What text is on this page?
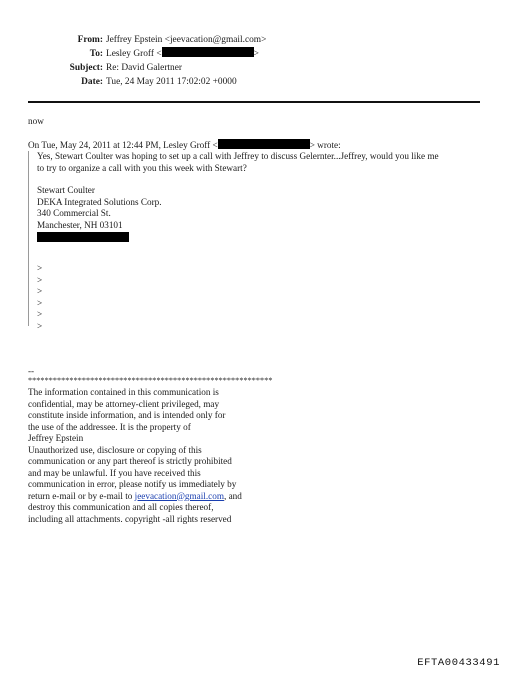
From: Jeffrey Epstein <jeevacation@gmail.com>
To: Lesley Groff <	>
Subject: Re: David Galertner
Date: Tue, 24 May 2011 17:02:02 +0000
now
On Tue, May 24, 2011 at 12:44 PM, Lesley Groff <	> wrote:

Yes, Stewart Coulter was hoping to set up a call with Jeffrey to discuss Gelernter...Jeffrey, would you like me

to try to organize a call with you this week with Stewart?

Stewart Coulter
DEKA Integrated Solutions Corp.
340 Commercial St.
Manchester, NH 03101
>
>
>
>
>
>
--
***********************************************************
The information contained in this communication is
confidential, may be attorney-client privileged, may
constitute inside information, and is intended only for
the use of the addressee. It is the property of
Jeffrey Epstein
Unauthorized use, disclosure or copying of this
communication or any part thereof is strictly prohibited
and may be unlawful. If you have received this
communication in error, please notify us immediately by
return e-mail or by e-mail to jeevacation@gmail.com, and
destroy this communication and all copies thereof,
including all attachments. copyright -all rights reserved
EFTA00433491
